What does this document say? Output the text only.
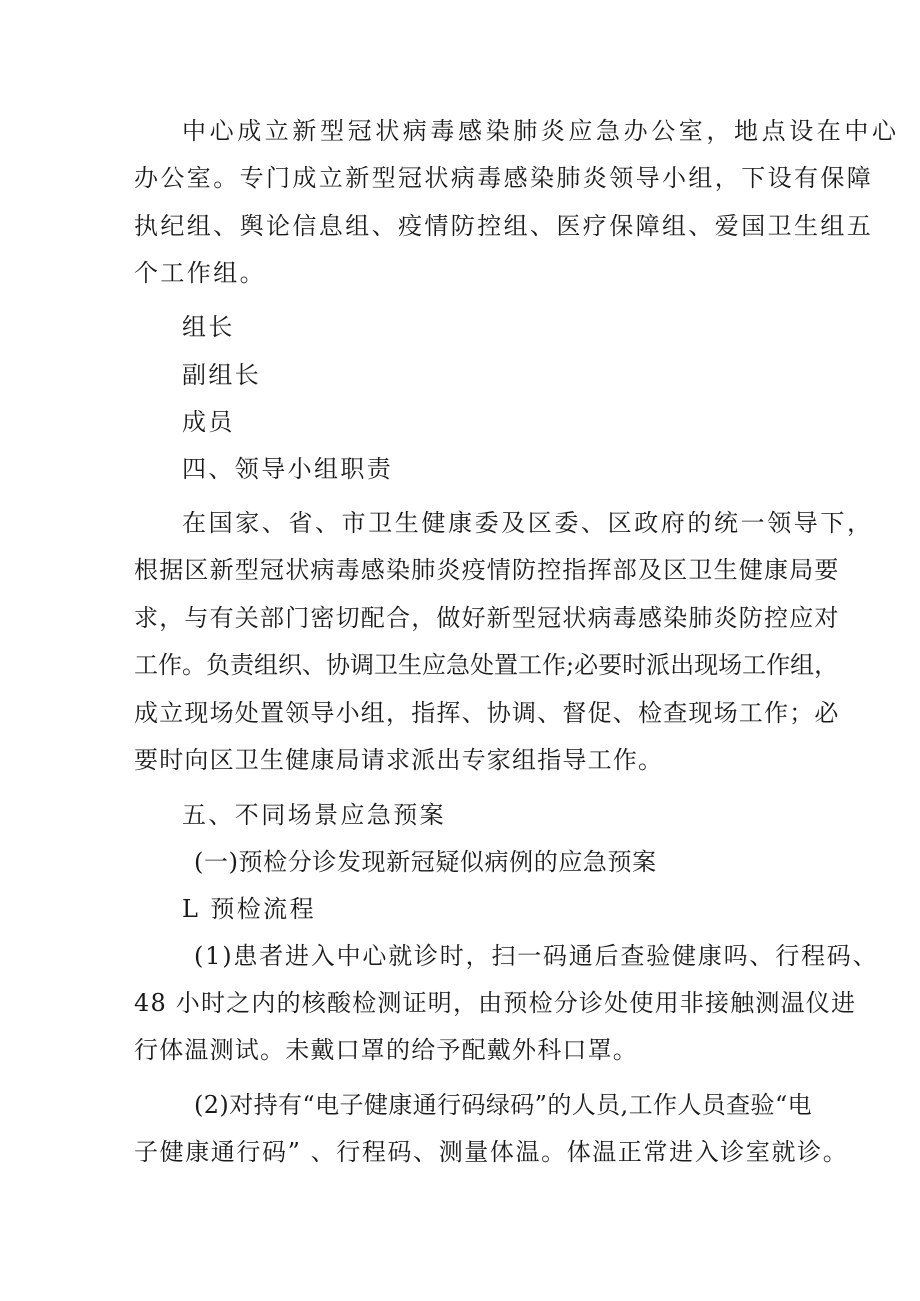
中心成立新型冠状病毒感染肺炎应急办公室，地点设在中心
办公室。专门成立新型冠状病毒感染肺炎领导小组，下设有保障
执纪组、舆论信息组、疫情防控组、医疗保障组、爱国卫生组五
个工作组。
组长
副组长
成员
四、领导小组职责
在国家、省、市卫生健康委及区委、区政府的统一领导下，
根据区新型冠状病毒感染肺炎疫情防控指挥部及区卫生健康局要
求，与有关部门密切配合，做好新型冠状病毒感染肺炎防控应对
工作。负责组织、协调卫生应急处置工作;必要时派出现场工作组，
成立现场处置领导小组，指挥、协调、督促、检查现场工作；必
要时向区卫生健康局请求派出专家组指导工作。
五、不同场景应急预案
(一)预检分诊发现新冠疑似病例的应急预案
L 预检流程
(1)患者进入中心就诊时，扫一码通后查验健康吗、行程码、
48 小时之内的核酸检测证明，由预检分诊处使用非接触测温仪进
行体温测试。未戴口罩的给予配戴外科口罩。
(2)对持有“电子健康通行码绿码”的人员,工作人员查验“电
子健康通行码” 、行程码、测量体温。体温正常进入诊室就诊。
